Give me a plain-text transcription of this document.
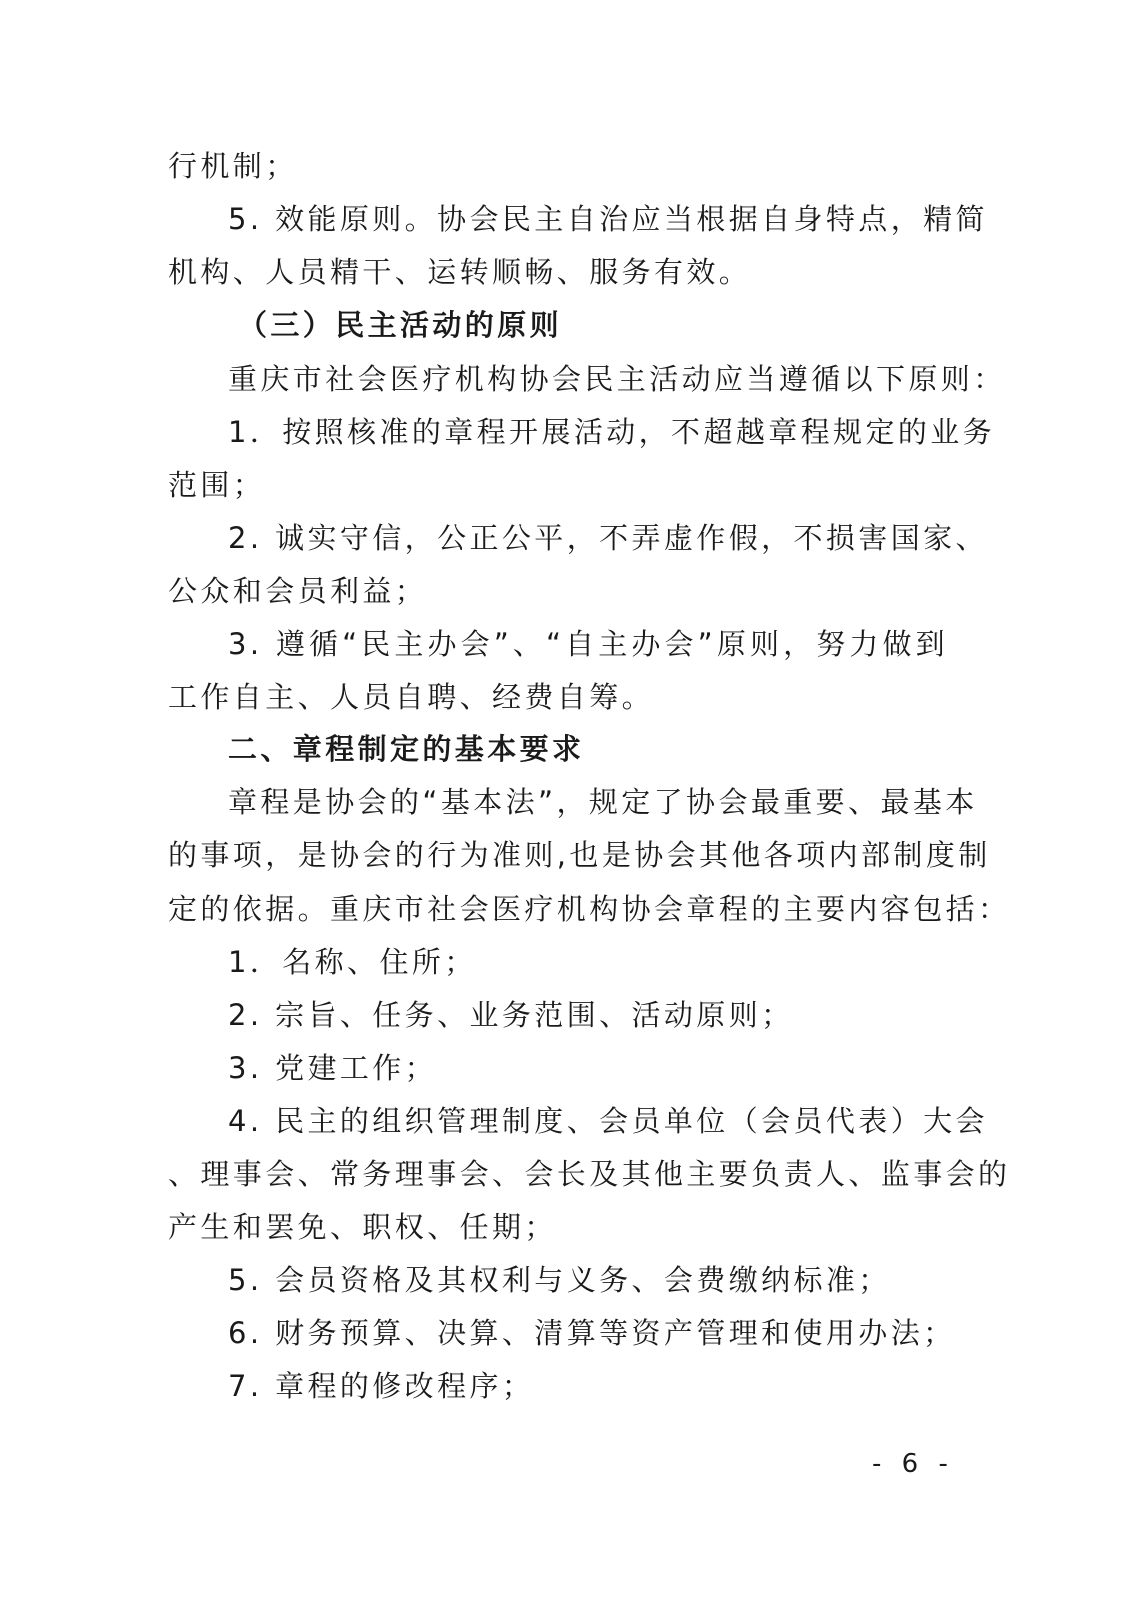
行机制；
5. 效能原则。协会民主自治应当根据自身特点，精简
机构、人员精干、运转顺畅、服务有效。
（三）民主活动的原则
重庆市社会医疗机构协会民主活动应当遵循以下原则：
1．按照核准的章程开展活动，不超越章程规定的业务
范围；
2. 诚实守信，公正公平，不弄虚作假，不损害国家、
公众和会员利益；
3. 遵循“民主办会”、“自主办会”原则，努力做到
工作自主、人员自聘、经费自筹。
二、章程制定的基本要求
章程是协会的“基本法”，规定了协会最重要、最基本
的事项，是协会的行为准则,也是协会其他各项内部制度制
定的依据。重庆市社会医疗机构协会章程的主要内容包括：
1．名称、住所；
2. 宗旨、任务、业务范围、活动原则；
3. 党建工作；
4. 民主的组织管理制度、会员单位（会员代表）大会
、理事会、常务理事会、会长及其他主要负责人、监事会的
产生和罢免、职权、任期；
5. 会员资格及其权利与义务、会费缴纳标准；
6. 财务预算、决算、清算等资产管理和使用办法；
7. 章程的修改程序；
- 6 -
